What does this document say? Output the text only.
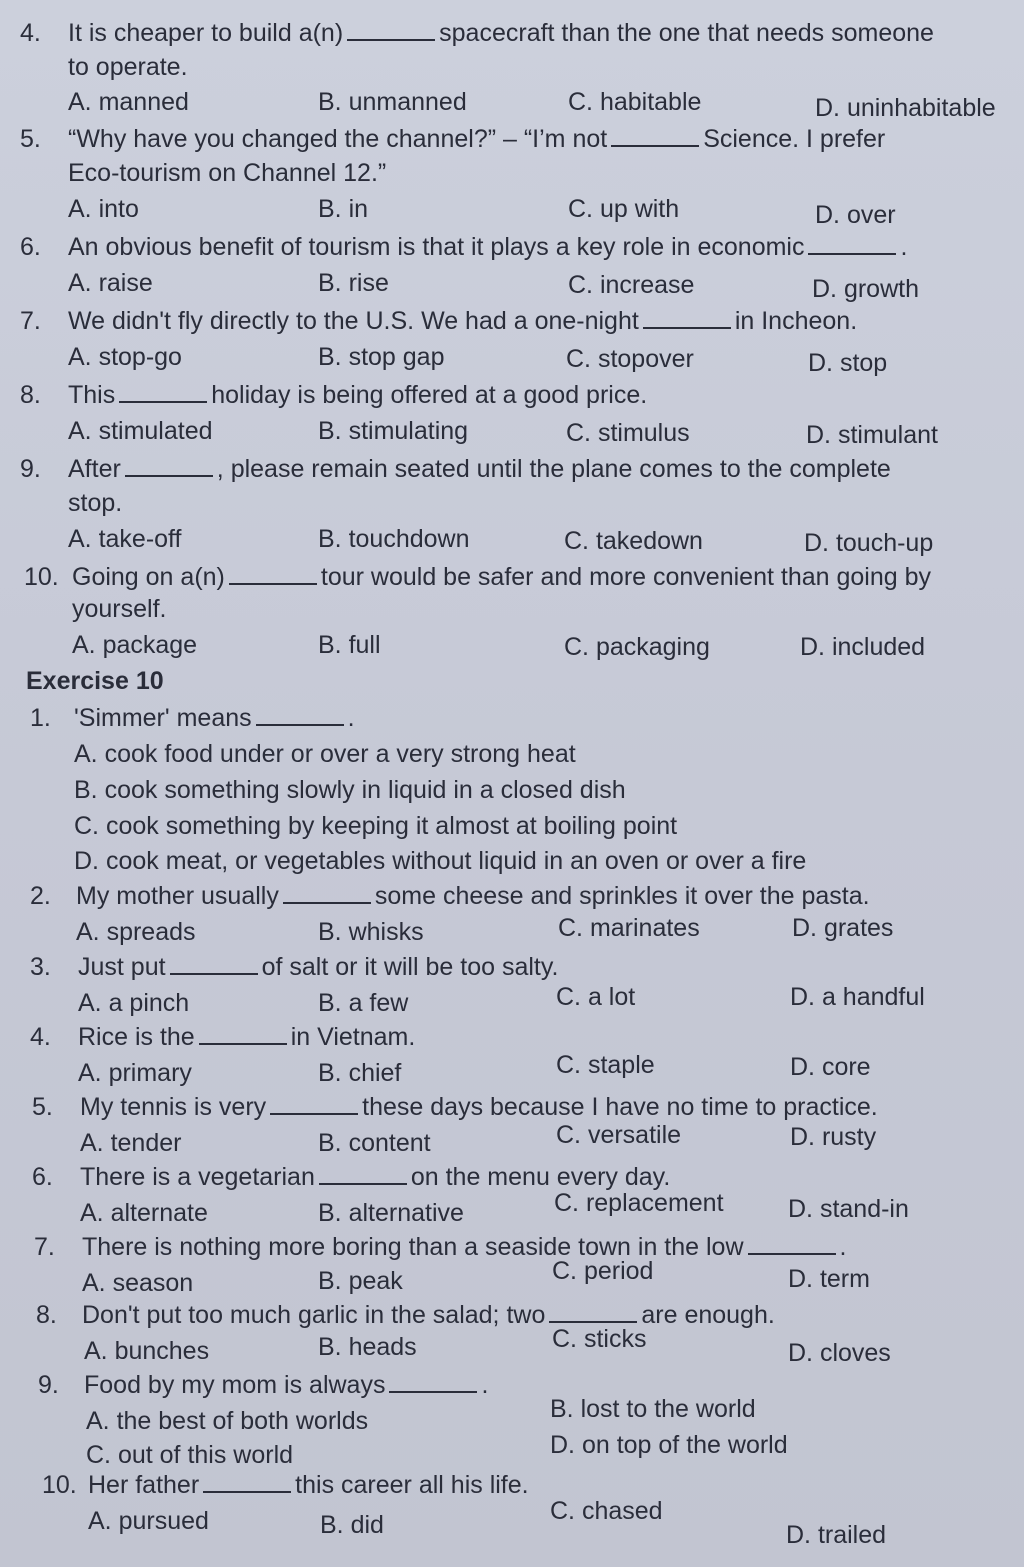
4. It is cheaper to build a(n)	spacecraft than the one that needs someone
to operate.
A. manned	B. unmanned	C. habitable	D. uninhabitable
5. “Why have you changed the channel?” – “I’m not	Science. I prefer
Eco-tourism on Channel 12.”
A. into	B. in	C. up with	D. over
6. An obvious benefit of tourism is that it plays a key role in economic	.
A. raise	B. rise	C. increase	D. growth
7. We didn't fly directly to the U.S. We had a one-night	in Incheon.
A. stop-go	B. stop gap	C. stopover	D. stop
8. This	holiday is being offered at a good price.
A. stimulated	B. stimulating	C. stimulus	D. stimulant
9. After	, please remain seated until the plane comes to the complete
stop.
A. take-off	B. touchdown	C. takedown	D. touch-up
10. Going on a(n)	tour would be safer and more convenient than going by
yourself.
A. package	B. full	C. packaging	D. included
Exercise 10
1. 'Simmer' means	.
A. cook food under or over a very strong heat
B. cook something slowly in liquid in a closed dish
C. cook something by keeping it almost at boiling point
D. cook meat, or vegetables without liquid in an oven or over a fire
2. My mother usually	some cheese and sprinkles it over the pasta.
A. spreads	B. whisks	C. marinates	D. grates
3. Just put	of salt or it will be too salty.
A. a pinch	B. a few	C. a lot	D. a handful
4. Rice is the	in Vietnam.
A. primary	B. chief	C. staple	D. core
5. My tennis is very	these days because I have no time to practice.
A. tender	B. content	C. versatile	D. rusty
6. There is a vegetarian	on the menu every day.
A. alternate	B. alternative	C. replacement	D. stand-in
7. There is nothing more boring than a seaside town in the low	.
A. season	B. peak	C. period	D. term
8. Don't put too much garlic in the salad; two	are enough.
A. bunches	B. heads	C. sticks	D. cloves
9. Food by my mom is always	.
A. the best of both worlds	B. lost to the world
C. out of this world	D. on top of the world
10. Her father	this career all his life.
A. pursued	B. did	C. chased
D. trailed
